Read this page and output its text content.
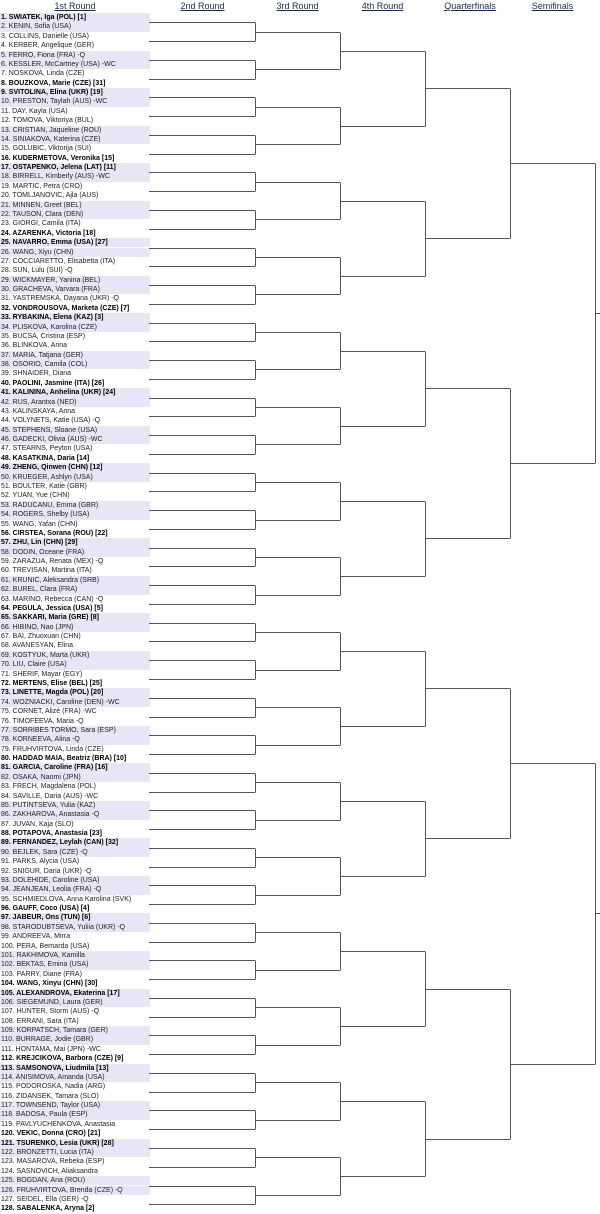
1st Round	2nd Round	3rd Round	4th Round	Quarterfinals	Semifinals
1. SWIATEK, Iga (POL) [1]
2. KENIN, Sofia (USA)
3. COLLINS, Danielle (USA)
4. KERBER, Angelique (GER)
5. FERRO, Fiona (FRA) -Q
6. KESSLER, McCartney (USA) -WC
7. NOSKOVA, Linda (CZE)
8. BOUZKOVA, Marie (CZE) [31]
9. SVITOLINA, Elina (UKR) [19]
10. PRESTON, Taylah (AUS) -WC
11. DAY, Kayla (USA)
12. TOMOVA, Viktoriya (BUL)
13. CRISTIAN, Jaqueline (ROU)
14. SINIAKOVA, Katerina (CZE)
15. GOLUBIC, Viktorija (SUI)
16. KUDERMETOVA, Veronika [15]
17. OSTAPENKO, Jelena (LAT) [11]
18. BIRRELL, Kimberly (AUS) -WC
19. MARTIC, Petra (CRO)
20. TOMLJANOVIC, Ajla (AUS)
21. MINNEN, Greet (BEL)
22. TAUSON, Clara (DEN)
23. GIORGI, Camila (ITA)
24. AZARENKA, Victoria [18]
25. NAVARRO, Emma (USA) [27]
26. WANG, Xiyu (CHN)
27. COCCIARETTO, Elisabetta (ITA)
28. SUN, Lulu (SUI) -Q
29. WICKMAYER, Yanina (BEL)
30. GRACHEVA, Varvara (FRA)
31. YASTREMSKA, Dayana (UKR) -Q
32. VONDROUSOVA, Marketa (CZE) [7]
33. RYBAKINA, Elena (KAZ) [3]
34. PLISKOVA, Karolina (CZE)
35. BUCSA, Cristina (ESP)
36. BLINKOVA, Anna
37. MARIA, Tatjana (GER)
38. OSORIO, Camila (COL)
39. SHNAIDER, Diana
40. PAOLINI, Jasmine (ITA) [26]
41. KALININA, Anhelina (UKR) [24]
42. RUS, Arantxa (NED)
43. KALINSKAYA, Anna
44. VOLYNETS, Katie (USA) -Q
45. STEPHENS, Sloane (USA)
46. GADECKI, Olivia (AUS) -WC
47. STEARNS, Peyton (USA)
48. KASATKINA, Daria [14]
49. ZHENG, Qinwen (CHN) [12]
50. KRUEGER, Ashlyn (USA)
51. BOULTER, Katie (GBR)
52. YUAN, Yue (CHN)
53. RADUCANU, Emma (GBR)
54. ROGERS, Shelby (USA)
55. WANG, Yafan (CHN)
56. CIRSTEA, Sorana (ROU) [22]
57. ZHU, Lin (CHN) [29]
58. DODIN, Oceane (FRA)
59. ZARAZUA, Renata (MEX) -Q
60. TREVISAN, Martina (ITA)
61. KRUNIC, Aleksandra (SRB)
62. BUREL, Clara (FRA)
63. MARINO, Rebecca (CAN) -Q
64. PEGULA, Jessica (USA) [5]
65. SAKKARI, Maria (GRE) [8]
66. HIBINO, Nao (JPN)
67. BAI, Zhuoxuan (CHN)
68. AVANESYAN, Elina
69. KOSTYUK, Marta (UKR)
70. LIU, Claire (USA)
71. SHERIF, Mayar (EGY)
72. MERTENS, Elise (BEL) [25]
73. LINETTE, Magda (POL) [20]
74. WOZNIACKI, Caroline (DEN) -WC
75. CORNET, Alizé (FRA) -WC
76. TIMOFEEVA, Maria -Q
77. SORRIBES TORMO, Sara (ESP)
78. KORNEEVA, Alina -Q
79. FRUHVIRTOVA, Linda (CZE)
80. HADDAD MAIA, Beatriz (BRA) [10]
81. GARCIA, Caroline (FRA) [16]
82. OSAKA, Naomi (JPN)
83. FRECH, Magdalena (POL)
84. SAVILLE, Daria (AUS) -WC
85. PUTINTSEVA, Yulia (KAZ)
86. ZAKHAROVA, Anastasia -Q
87. JUVAN, Kaja (SLO)
88. POTAPOVA, Anastasia [23]
89. FERNANDEZ, Leylah (CAN) [32]
90. BEJLEK, Sara (CZE) -Q
91. PARKS, Alycia (USA)
92. SNIGUR, Daria (UKR) -Q
93. DOLEHIDE, Caroline (USA)
94. JEANJEAN, Leolia (FRA) -Q
95. SCHMIEDLOVA, Anna Karolina (SVK)
96. GAUFF, Coco (USA) [4]
97. JABEUR, Ons (TUN) [6]
98. STARODUBTSEVA, Yuliia (UKR) -Q
99. ANDREEVA, Mirra
100. PERA, Bernarda (USA)
101. RAKHIMOVA, Kamilla
102. BEKTAS, Emina (USA)
103. PARRY, Diane (FRA)
104. WANG, Xinyu (CHN) [30]
105. ALEXANDROVA, Ekaterina [17]
106. SIEGEMUND, Laura (GER)
107. HUNTER, Storm (AUS) -Q
108. ERRANI, Sara (ITA)
109. KORPATSCH, Tamara (GER)
110. BURRAGE, Jodie (GBR)
111. HONTAMA, Mai (JPN) -WC
112. KREJCIKOVA, Barbora (CZE) [9]
113. SAMSONOVA, Liudmila [13]
114. ANISIMOVA, Amanda (USA)
115. PODOROSKA, Nadia (ARG)
116. ZIDANSEK, Tamara (SLO)
117. TOWNSEND, Taylor (USA)
118. BADOSA, Paula (ESP)
119. PAVLYUCHENKOVA, Anastasia
120. VEKIC, Donna (CRO) [21]
121. TSURENKO, Lesia (UKR) [28]
122. BRONZETTI, Lucia (ITA)
123. MASAROVA, Rebeka (ESP)
124. SASNOVICH, Aliaksandra
125. BOGDAN, Ana (ROU)
126. FRUHVIRTOVA, Brenda (CZE) -Q
127. SEIDEL, Ella (GER) -Q
128. SABALENKA, Aryna [2]
